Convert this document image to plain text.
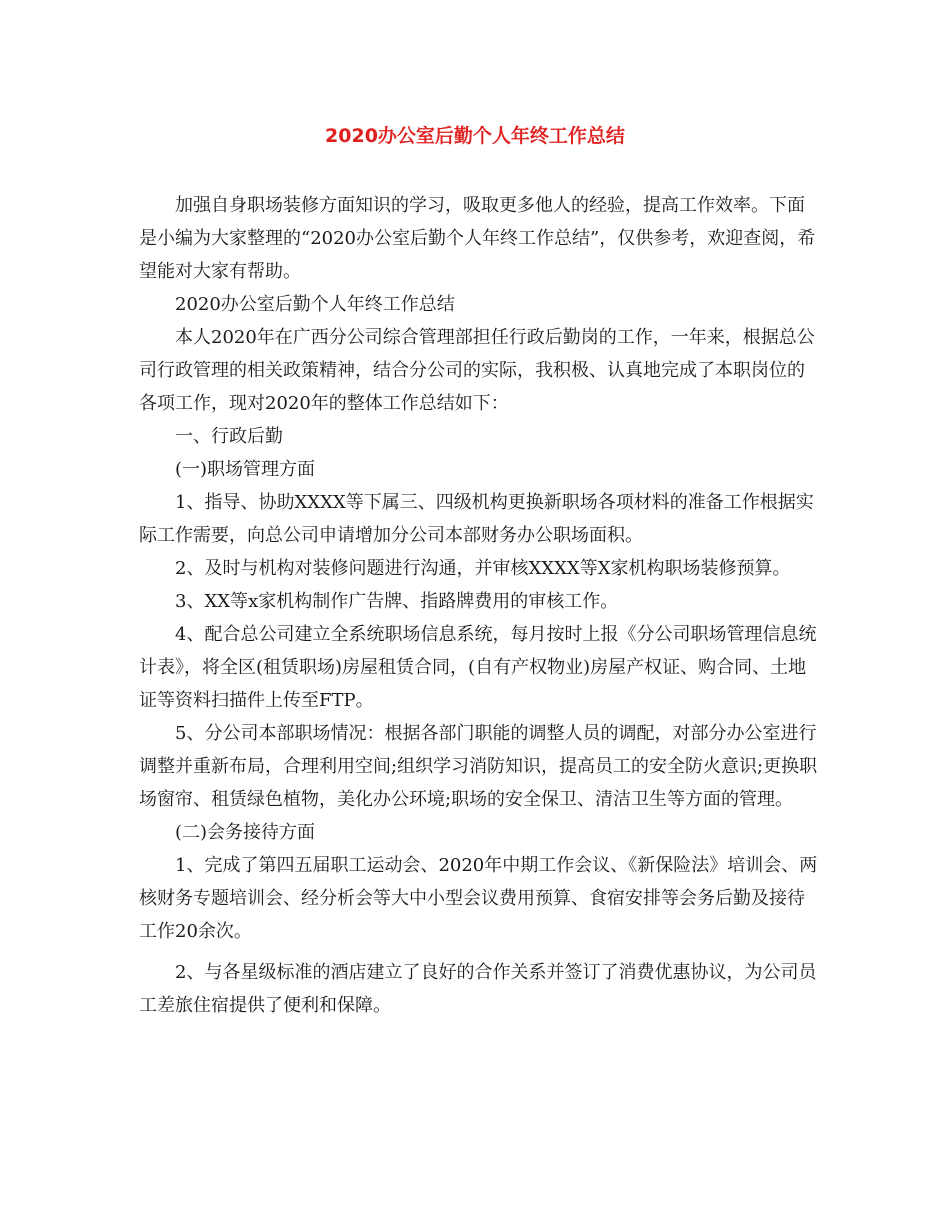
2020办公室后勤个人年终工作总结

加强自身职场装修方面知识的学习，吸取更多他人的经验，提高工作效率。下面是小编为大家整理的“2020办公室后勤个人年终工作总结”，仅供参考，欢迎查阅，希望能对大家有帮助。

2020办公室后勤个人年终工作总结

本人2020年在广西分公司综合管理部担任行政后勤岗的工作，一年来，根据总公司行政管理的相关政策精神，结合分公司的实际，我积极、认真地完成了本职岗位的各项工作，现对2020年的整体工作总结如下：

一、行政后勤

(一)职场管理方面

1、指导、协助XXXX等下属三、四级机构更换新职场各项材料的准备工作根据实际工作需要，向总公司申请增加分公司本部财务办公职场面积。

2、及时与机构对装修问题进行沟通，并审核XXXX等X家机构职场装修预算。

3、XX等x家机构制作广告牌、指路牌费用的审核工作。

4、配合总公司建立全系统职场信息系统，每月按时上报《分公司职场管理信息统计表》，将全区(租赁职场)房屋租赁合同，(自有产权物业)房屋产权证、购合同、土地证等资料扫描件上传至FTP。

5、分公司本部职场情况：根据各部门职能的调整人员的调配，对部分办公室进行调整并重新布局，合理利用空间;组织学习消防知识，提高员工的安全防火意识;更换职场窗帘、租赁绿色植物，美化办公环境;职场的安全保卫、清洁卫生等方面的管理。

(二)会务接待方面

1、完成了第四五届职工运动会、2020年中期工作会议、《新保险法》培训会、两核财务专题培训会、经分析会等大中小型会议费用预算、食宿安排等会务后勤及接待工作20余次。

2、与各星级标准的酒店建立了良好的合作关系并签订了消费优惠协议，为公司员工差旅住宿提供了便利和保障。
